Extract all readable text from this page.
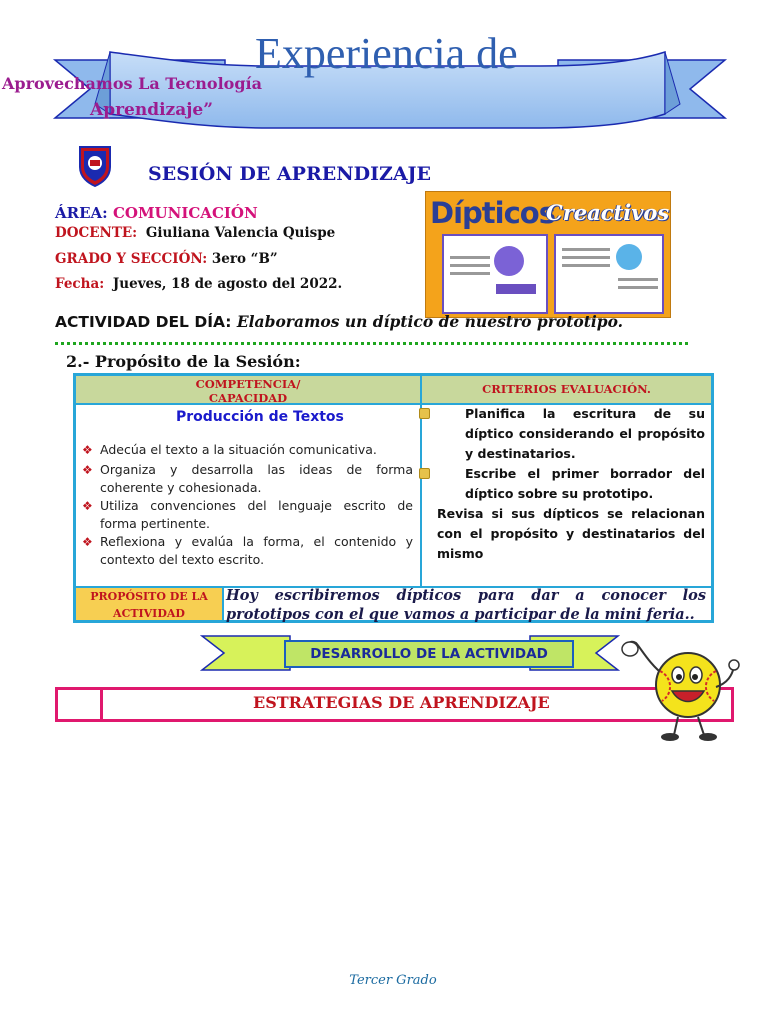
Experiencia de
Aprovechamos La Tecnología
Aprendizaje”
SESIÓN DE APRENDIZAJE
ÁREA: COMUNICACIÓN
DOCENTE: Giuliana Valencia Quispe
GRADO Y SECCIÓN: 3ero “B”
Fecha: Jueves, 18 de agosto del 2022.
Dípticos
Creactivos
ACTIVIDAD DEL DÍA: Elaboramos un díptico de nuestro prototipo.
2.- Propósito de la Sesión:
COMPETENCIA/
CAPACIDAD
CRITERIOS EVALUACIÓN.
Producción de Textos
PROPÓSITO DE LA
ACTIVIDAD
❖ Adecúa el texto a la situación comunicativa.
❖ Organiza y desarrolla las ideas de forma coherente y cohesionada.
❖ Utiliza convenciones del lenguaje escrito de forma pertinente.
❖ Reflexiona y evalúa la forma, el contenido y contexto del texto escrito.
Planifica la escritura de su díptico considerando el propósito y destinatarios.
Escribe el primer borrador del díptico sobre su prototipo.
Revisa si sus dípticos se relacionan con el propósito y destinatarios del mismo
Hoy escribiremos dípticos para dar a conocer los
prototipos con el que vamos a participar de la mini feria..
DESARROLLO DE LA ACTIVIDAD
ESTRATEGIAS DE APRENDIZAJE
Tercer Grado
